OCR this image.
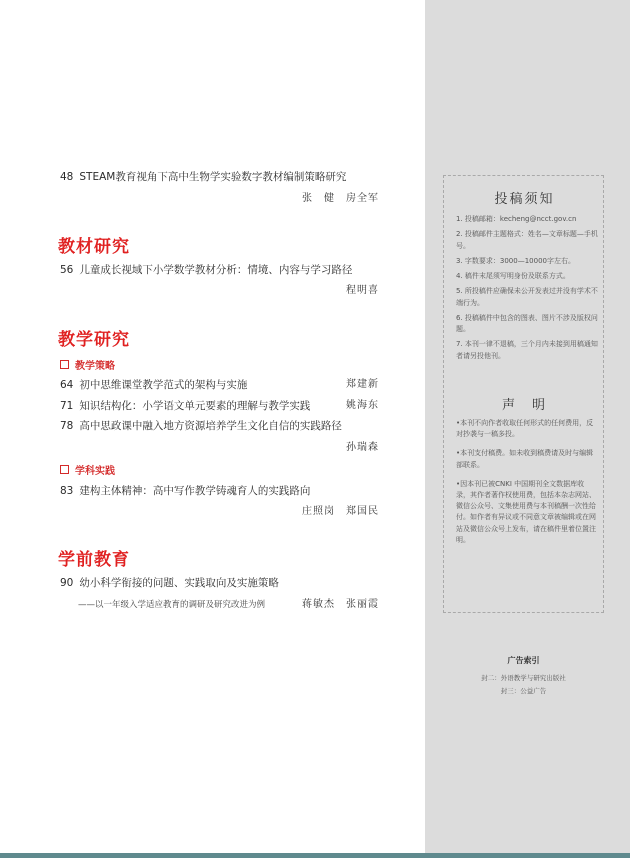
48 STEAM教育视角下高中生物学实验数字教材编制策略研究
张　健　房全军
教材研究
56 儿童成长视域下小学数学教材分析：情境、内容与学习路径
程明喜
教学研究
教学策略
64 初中思维课堂教学范式的架构与实施	郑建新
71 知识结构化：小学语文单元要素的理解与教学实践	姚海东
78 高中思政课中融入地方资源培养学生文化自信的实践路径
孙瑞森
学科实践
83 建构主体精神：高中写作教学铸魂育人的实践路向
庄照岗　郑国民
学前教育
90 幼小科学衔接的问题、实践取向及实施策略
——以一年级入学适应教育的调研及研究改进为例	蒋敏杰　张丽霞
投稿须知
1. 投稿邮箱：kecheng@ncct.gov.cn
2. 投稿邮件主题格式：姓名—文章标题—手机号。
3. 字数要求：3000—10000字左右。
4. 稿件末尾须写明身份及联系方式。
5. 所投稿件应确保未公开发表过并没有学术不端行为。
6. 投稿稿件中包含的图表、图片不涉及版权问题。
7. 本刊一律不退稿，三个月内未接到用稿通知者请另投他刊。
声　明
•本刊不向作者收取任何形式的任何费用，反对抄袭与一稿多投。
•本刊支付稿费。如未收到稿费请及时与编辑部联系。
•因本刊已被CNKI 中国期刊全文数据库收录，其作者著作权使用费，包括本杂志网站、微信公众号、文集使用费与本刊稿酬一次性给付。如作者有异议或不同意文章被编辑或在网站及微信公众号上发布，请在稿件里着位置注明。
广告索引
封二：外语教学与研究出版社
封三：公益广告
